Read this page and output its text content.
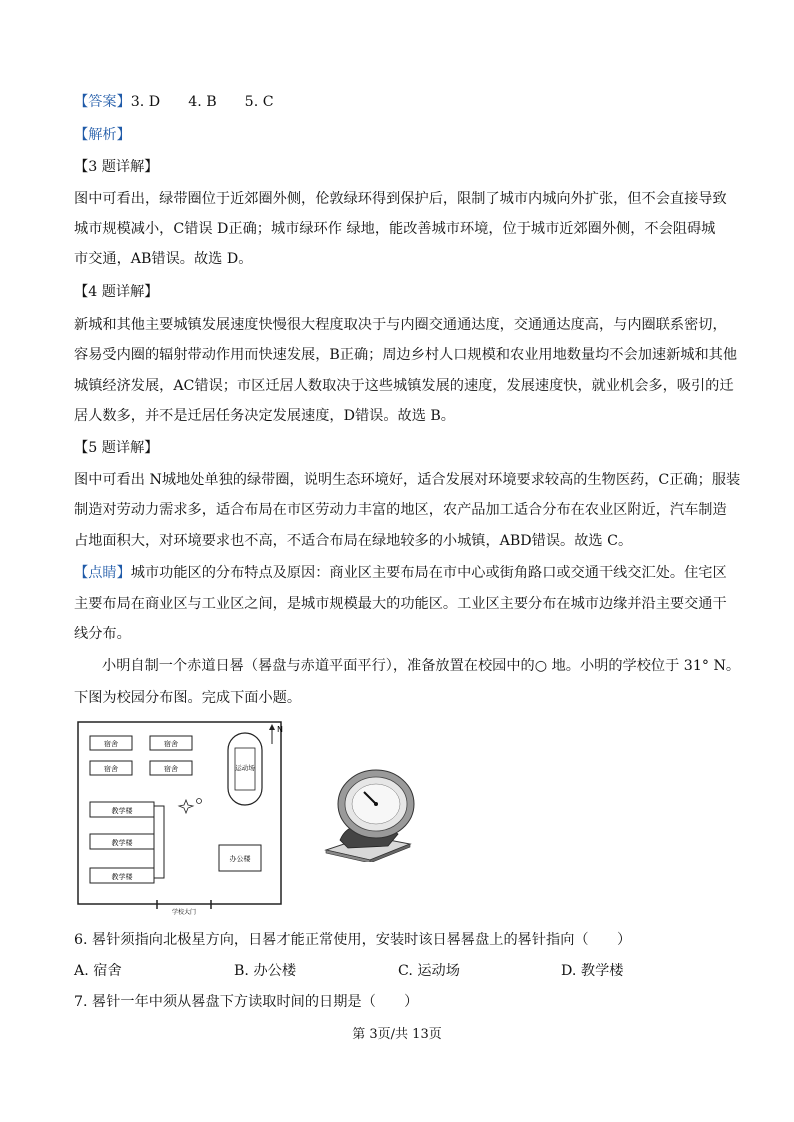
【答案】3. D 4. B 5. C
【解析】
【3 题详解】
图中可看出，绿带圈位于近郊圈外侧，伦敦绿环得到保护后，限制了城市内城向外扩张，但不会直接导致
城市规模减小，C错误 D正确；城市绿环作 绿地，能改善城市环境，位于城市近郊圈外侧，不会阻碍城
市交通，AB错误。故选 D。
【4 题详解】
新城和其他主要城镇发展速度快慢很大程度取决于与内圈交通通达度，交通通达度高，与内圈联系密切，
容易受内圈的辐射带动作用而快速发展，B正确；周边乡村人口规模和农业用地数量均不会加速新城和其他
城镇经济发展，AC错误；市区迁居人数取决于这些城镇发展的速度，发展速度快，就业机会多，吸引的迁
居人数多，并不是迁居任务决定发展速度，D错误。故选 B。
【5 题详解】
图中可看出 N城地处单独的绿带圈，说明生态环境好，适合发展对环境要求较高的生物医药，C正确；服装
制造对劳动力需求多，适合布局在市区劳动力丰富的地区，农产品加工适合分布在农业区附近，汽车制造
占地面积大，对环境要求也不高，不适合布局在绿地较多的小城镇，ABD错误。故选 C。
【点睛】城市功能区的分布特点及原因：商业区主要布局在市中心或街角路口或交通干线交汇处。住宅区
主要布局在商业区与工业区之间，是城市规模最大的功能区。工业区主要分布在城市边缘并沿主要交通干
线分布。
小明自制一个赤道日晷（晷盘与赤道平面平行），准备放置在校园中的○ 地。小明的学校位于 31° N。
下图为校园分布图。完成下面小题。
N
宿舍	宿舍
宿舍	宿舍	运动场
教学楼
教学楼
教学楼
办公楼
学校大门
6. 晷针须指向北极星方向，日晷才能正常使用，安装时该日晷晷盘上的晷针指向（　　）
A. 宿舍	B. 办公楼	C. 运动场	D. 教学楼
7. 晷针一年中须从晷盘下方读取时间的日期是（　　）
第 3页/共 13页
